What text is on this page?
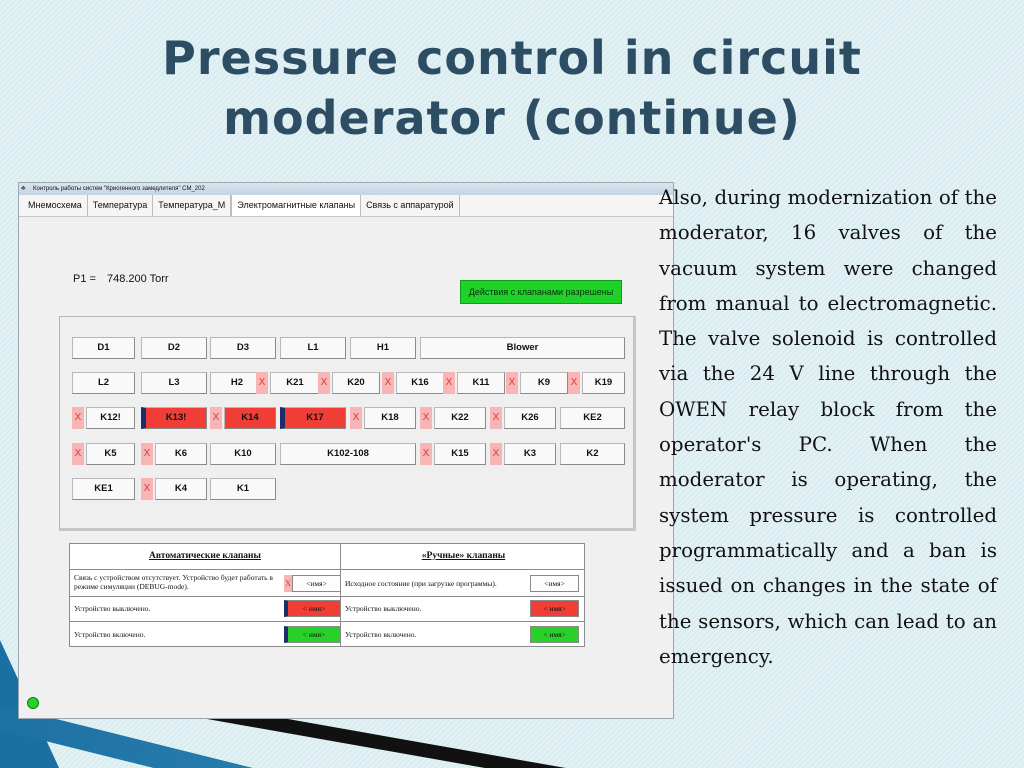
Pressure control in circuit
moderator (continue)
♣	Контроль работы систем "Криогенного замедлителя" CM_202
Мнемосхема	Температура	Температура_М	Электромагнитные клапаны	Связь с аппаратурой
P1 = 748.200 Torr
Действия с клапанами разрешены
D1	D2	D3	L1	H1	Blower
L2	L3	H2	X	K21	X	K20	X	K16	X	K11	X	K9	X	K19
X	K12!	K13!	X	K14	K17	X	K18	X	K22	X	K26	KE2
X	K5	X	K6	K10	K102-108	X	K15	X	K3	K2
KE1	X	K4	K1
Автоматические клапаны	«Ручные» клапаны
Связь с устройством отсутствует. Устройство будет работать в режиме симуляции (DEBUG-mode).	X	<имя>	Исходное состояние (при загрузке программы).	<имя>
Устройство выключено.	< имя>	Устройство выключено.	< имя>
Устройство включено.	< имя>	Устройство включено.	< имя>

Also, during modernization of the moderator, 16 valves of the vacuum system were changed from manual to electromagnetic. The valve solenoid is controlled via the 24 V line through the OWEN relay block from the operator's PC. When the moderator is operating, the system pressure is controlled programmatically and a ban is issued on changes in the state of the sensors, which can lead to an emergency.
